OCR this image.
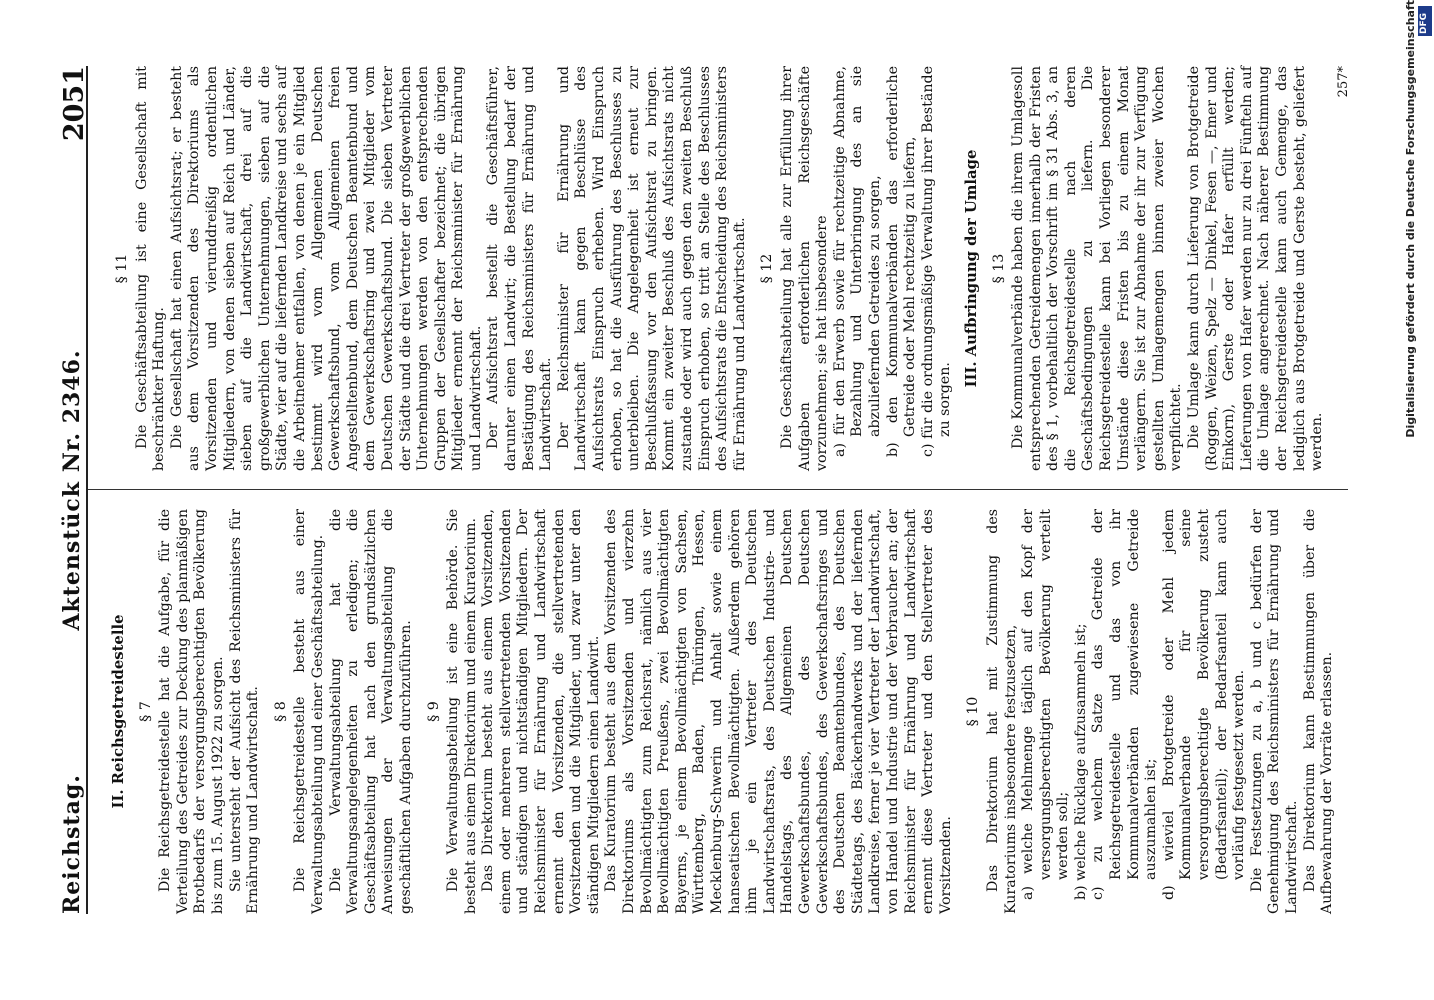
Reichstag.
Aktenstück Nr. 2346.
2051
II. Reichsgetreidestelle § 7 Die Reichsgetreidestelle hat die Aufgabe, für die Verteilung des Getreides zur Deckung des planmäßigen Brotbedarfs der versorgungsberechtigten Bevölkerung bis zum 15. August 1922 zu sorgen. Sie untersteht der Aufsicht des Reichsministers für Ernährung und Landwirtschaft. § 8 Die Reichsgetreidestelle besteht aus einer Verwaltungsabteilung und einer Geschäftsabteilung. Die Verwaltungsabteilung hat die Verwaltungsangelegenheiten zu erledigen; die Geschäftsabteilung hat nach den grundsätzlichen Anweisungen der Verwaltungsabteilung die geschäftlichen Aufgaben durchzuführen. § 9 Die Verwaltungsabteilung ist eine Behörde. Sie besteht aus einem Direktorium und einem Kuratorium. Das Direktorium besteht aus einem Vorsitzenden, einem oder mehreren stellvertretenden Vorsitzenden und ständigen und nichtständigen Mitgliedern. Der Reichsminister für Ernährung und Landwirtschaft ernennt den Vorsitzenden, die stellvertretenden Vorsitzenden und die Mitglieder, und zwar unter den ständigen Mitgliedern einen Landwirt. Das Kuratorium besteht aus dem Vorsitzenden des Direktoriums als Vorsitzenden und vierzehn Bevollmächtigten zum Reichsrat, nämlich aus vier Bevollmächtigten Preußens, zwei Bevollmächtigten Bayerns, je einem Bevollmächtigten von Sachsen, Württemberg, Baden, Thüringen, Hessen, Mecklenburg-Schwerin und Anhalt sowie einem hanseatischen Bevollmächtigten. Außerdem gehören ihm je ein Vertreter des Deutschen Landwirtschaftsrats, des Deutschen Industrie- und Handelstags, des Allgemeinen Deutschen Gewerkschaftsbundes, des Deutschen Gewerkschaftsbundes, des Gewerkschaftsringes und des Deutschen Beamtenbundes, des Deutschen Städtetags, des Bäckerhandwerks und der liefernden Landkreise, ferner je vier Vertreter der Landwirtschaft, von Handel und Industrie und der Verbraucher an; der Reichsminister für Ernährung und Landwirtschaft ernennt diese Vertreter und den Stellvertreter des Vorsitzenden.

§ 10 Das Direktorium hat mit Zustimmung des Kuratoriums insbesondere festzusetzen, a) welche Mehlmenge täglich auf den Kopf der versorgungsberechtigten Bevölkerung verteilt werden soll; b) welche Rücklage aufzusammeln ist; c) zu welchem Satze das Getreide der Reichsgetreidestelle und das von ihr Kommunalverbänden zugewiesene Getreide auszumahlen ist; d) wieviel Brotgetreide oder Mehl jedem Kommunalverbande für seine versorgungsberechtigte Bevölkerung zusteht (Bedarfsanteil); der Bedarfsanteil kann auch vorläufig festgesetzt werden. Die Festsetzungen zu a, b und c bedürfen der Genehmigung des Reichsministers für Ernährung und Landwirtschaft. Das Direktorium kann Bestimmungen über die Aufbewahrung der Vorräte erlassen.

§ 11 Die Geschäftsabteilung ist eine Gesellschaft mit beschränkter Haftung. Die Gesellschaft hat einen Aufsichtsrat; er besteht aus dem Vorsitzenden des Direktoriums als Vorsitzenden und vierunddreißig ordentlichen Mitgliedern, von denen sieben auf Reich und Länder, sieben auf die Landwirtschaft, drei auf die großgewerblichen Unternehmungen, sieben auf die Städte, vier auf die liefernden Landkreise und sechs auf die Arbeitnehmer entfallen, von denen je ein Mitglied bestimmt wird vom Allgemeinen Deutschen Gewerkschaftsbund, vom Allgemeinen freien Angestelltenbund, dem Deutschen Beamtenbund und dem Gewerkschaftsring und zwei Mitglieder vom Deutschen Gewerkschaftsbund. Die sieben Vertreter der Städte und die drei Vertreter der großgewerblichen Unternehmungen werden von den entsprechenden Gruppen der Gesellschafter bezeichnet; die übrigen Mitglieder ernennt der Reichsminister für Ernährung und Landwirtschaft. Der Aufsichtsrat bestellt die Geschäftsführer, darunter einen Landwirt; die Bestellung bedarf der Bestätigung des Reichsministers für Ernährung und Landwirtschaft. Der Reichsminister für Ernährung und Landwirtschaft kann gegen Beschlüsse des Aufsichtsrats Einspruch erheben. Wird Einspruch erhoben, so hat die Ausführung des Beschlusses zu unterbleiben. Die Angelegenheit ist erneut zur Beschlußfassung vor den Aufsichtsrat zu bringen. Kommt ein zweiter Beschluß des Aufsichtsrats nicht zustande oder wird auch gegen den zweiten Beschluß Einspruch erhoben, so tritt an Stelle des Beschlusses des Aufsichtsrats die Entscheidung des Reichsministers für Ernährung und Landwirtschaft. § 12 Die Geschäftsabteilung hat alle zur Erfüllung ihrer Aufgaben erforderlichen Reichsgeschäfte vorzunehmen; sie hat insbesondere a) für den Erwerb sowie für rechtzeitige Abnahme, Bezahlung und Unterbringung des an sie abzuliefernden Getreides zu sorgen, b) den Kommunalverbänden das erforderliche Getreide oder Mehl rechtzeitig zu liefern, c) für die ordnungsmäßige Verwaltung ihrer Bestände zu sorgen.
III. Aufbringung der Umlage § 13 Die Kommunalverbände haben die ihrem Umlagesoll entsprechenden Getreidemengen innerhalb der Fristen des § 1, vorbehaltlich der Vorschrift im § 31 Abs. 3, an die Reichsgetreidestelle nach deren Geschäftsbedingungen zu liefern. Die Reichsgetreidestelle kann bei Vorliegen besonderer Umstände diese Fristen bis zu einem Monat verlängern. Sie ist zur Abnahme der ihr zur Verfügung gestellten Umlagemengen binnen zweier Wochen verpflichtet. Die Umlage kann durch Lieferung von Brotgetreide (Roggen, Weizen, Spelz — Dinkel, Fesen —, Emer und Einkorn), Gerste oder Hafer erfüllt werden; Lieferungen von Hafer werden nur zu drei Fünfteln auf die Umlage angerechnet. Nach näherer Bestimmung der Reichsgetreidestelle kann auch Gemenge, das lediglich aus Brotgetreide und Gerste besteht, geliefert werden.

257*	Digitalisierung gefördert durch die Deutsche Forschungsgemeinschaft DFG
